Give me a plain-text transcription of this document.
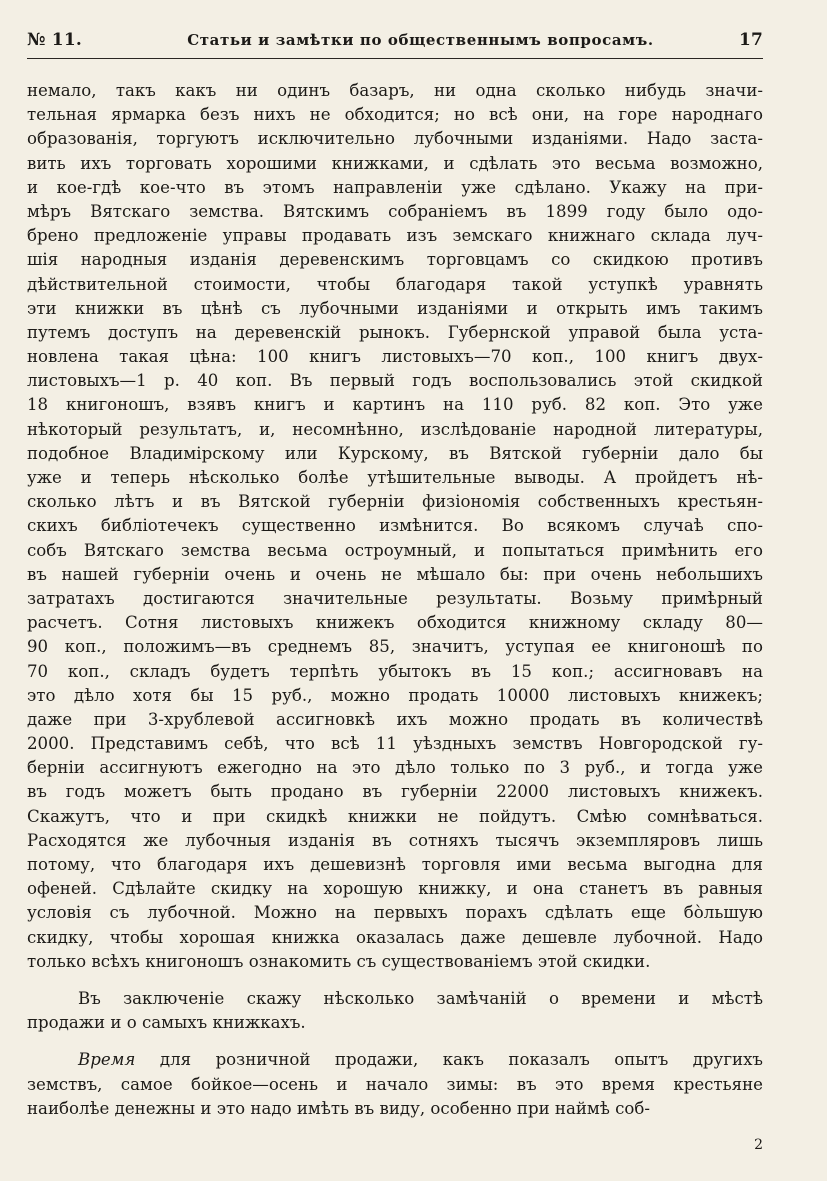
№ 11.	Статьи и замѣтки по общественнымъ вопросамъ.	17
немало, такъ какъ ни одинъ базаръ, ни одна сколько нибудь значи-
тельная ярмарка безъ нихъ не обходится; но всѣ они, на горе народнаго
образованія, торгуютъ исключительно лубочными изданіями. Надо заста-
вить ихъ торговать хорошими книжками, и сдѣлать это весьма возможно,
и кое-гдѣ кое-что въ этомъ направленіи уже сдѣлано. Укажу на при-
мѣръ Вятскаго земства. Вятскимъ собраніемъ въ 1899 году было одо-
брено предложеніе управы продавать изъ земскаго книжнаго склада луч-
шія народныя изданія деревенскимъ торговцамъ со скидкою противъ
дѣйствительной стоимости, чтобы благодаря такой уступкѣ уравнять
эти книжки въ цѣнѣ съ лубочными изданіями и открыть имъ такимъ
путемъ доступъ на деревенскій рынокъ. Губернской управой была уста-
новлена такая цѣна: 100 книгъ листовыхъ—70 коп., 100 книгъ двух-
листовыхъ—1 р. 40 коп. Въ первый годъ воспользовались этой скидкой
18 книгоношъ, взявъ книгъ и картинъ на 110 руб. 82 коп. Это уже
нѣкоторый результатъ, и, несомнѣнно, изслѣдованіе народной литературы,
подобное Владимірскому или Курскому, въ Вятской губерніи дало бы
уже и теперь нѣсколько болѣе утѣшительные выводы. А пройдетъ нѣ-
сколько лѣтъ и въ Вятской губерніи физіономія собственныхъ крестьян-
скихъ библіотечекъ существенно измѣнится. Во всякомъ случаѣ спо-
собъ Вятскаго земства весьма остроумный, и попытаться примѣнить его
въ нашей губерніи очень и очень не мѣшало бы: при очень небольшихъ
затратахъ достигаются значительные результаты. Возьму примѣрный
расчетъ. Сотня листовыхъ книжекъ обходится книжному складу 80—
90 коп., положимъ—въ среднемъ 85, значитъ, уступая ее книгоношѣ по
70 коп., складъ будетъ терпѣть убытокъ въ 15 коп.; ассигновавъ на
это дѣло хотя бы 15 руб., можно продать 10000 листовыхъ книжекъ;
даже при 3-хрублевой ассигновкѣ ихъ можно продать въ количествѣ
2000. Представимъ себѣ, что всѣ 11 уѣздныхъ земствъ Новгородской гу-
берніи ассигнуютъ ежегодно на это дѣло только по 3 руб., и тогда уже
въ годъ можетъ быть продано въ губерніи 22000 листовыхъ книжекъ.
Скажутъ, что и при скидкѣ книжки не пойдутъ. Смѣю сомнѣваться.
Расходятся же лубочныя изданія въ сотняхъ тысячъ экземпляровъ лишь
потому, что благодаря ихъ дешевизнѣ торговля ими весьма выгодна для
офеней. Сдѣлайте скидку на хорошую книжку, и она станетъ въ равныя
условія съ лубочной. Можно на первыхъ порахъ сдѣлать еще бо̀льшую
скидку, чтобы хорошая книжка оказалась даже дешевле лубочной. Надо
только всѣхъ книгоношъ ознакомить съ существованіемъ этой скидки.
Въ заключеніе скажу нѣсколько замѣчаній о времени и мѣстѣ
продажи и о самыхъ книжкахъ.
Время для розничной продажи, какъ показалъ опытъ другихъ
земствъ, самое бойкое—осень и начало зимы: въ это время крестьяне
наиболѣе денежны и это надо имѣть въ виду, особенно при наймѣ соб-
2
